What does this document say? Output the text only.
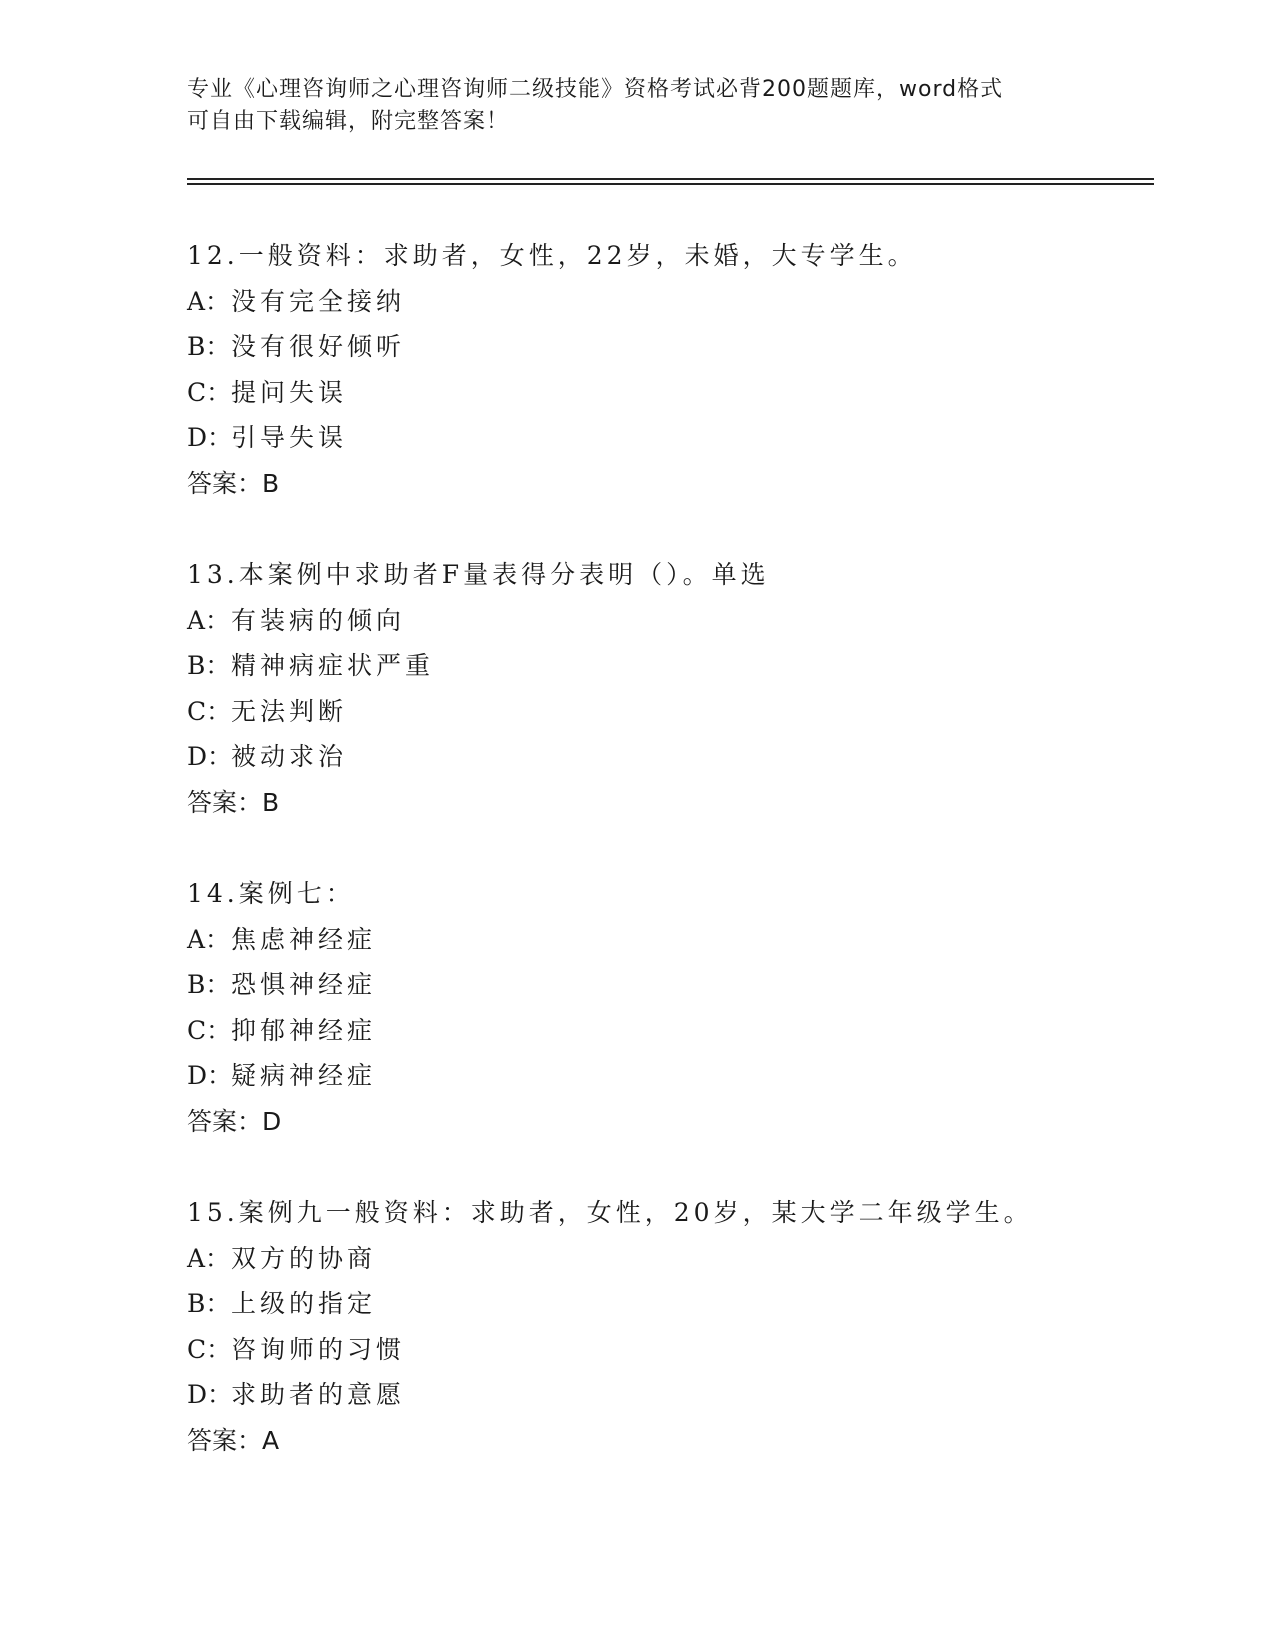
专业《心理咨询师之心理咨询师二级技能》资格考试必背200题题库，word格式
可自由下载编辑，附完整答案！
12.一般资料：求助者，女性，22岁，未婚，大专学生。
A：没有完全接纳
B：没有很好倾听
C：提问失误
D：引导失误
答案：B
13.本案例中求助者F量表得分表明（）。单选
A：有装病的倾向
B：精神病症状严重
C：无法判断
D：被动求治
答案：B
14.案例七：
A：焦虑神经症
B：恐惧神经症
C：抑郁神经症
D：疑病神经症
答案：D
15.案例九一般资料：求助者，女性，20岁，某大学二年级学生。
A：双方的协商
B：上级的指定
C：咨询师的习惯
D：求助者的意愿
答案：A
